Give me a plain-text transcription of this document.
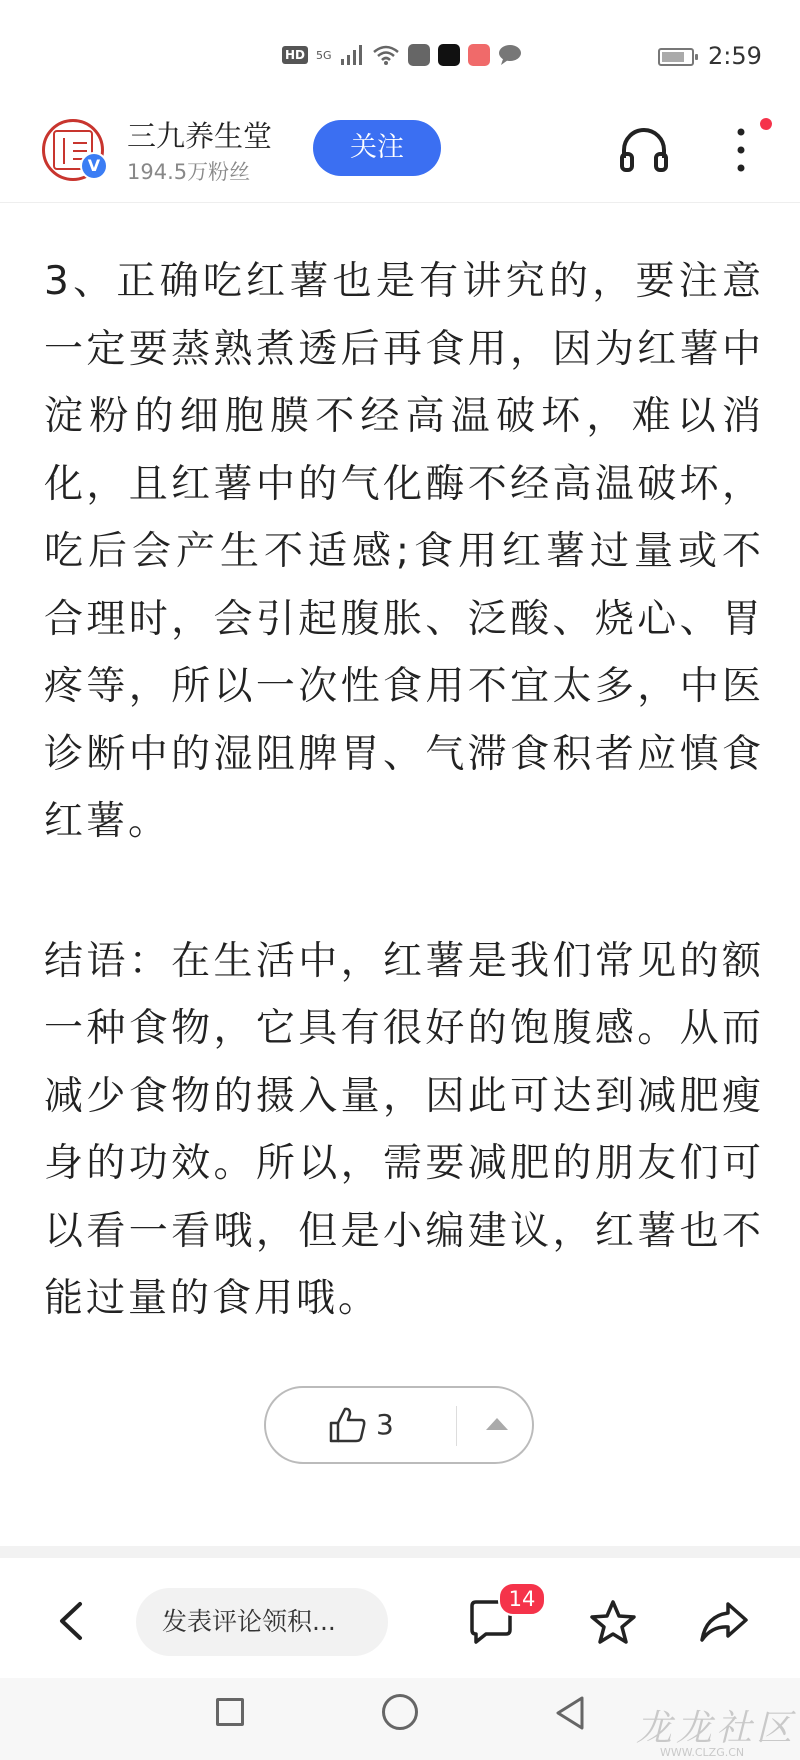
HD 5G	2:59
三九养生堂
194.5万粉丝
关注
V

3、正确吃红薯也是有讲究的，要注意一定要蒸熟煮透后再食用，因为红薯中淀粉的细胞膜不经高温破坏，难以消化，且红薯中的气化酶不经高温破坏，吃后会产生不适感;食用红薯过量或不合理时，会引起腹胀、泛酸、烧心、胃疼等，所以一次性食用不宜太多，中医诊断中的湿阻脾胃、气滞食积者应慎食红薯。

结语：在生活中，红薯是我们常见的额一种食物，它具有很好的饱腹感。从而减少食物的摄入量，因此可达到减肥瘦身的功效。所以，需要减肥的朋友们可以看一看哦，但是小编建议，红薯也不能过量的食用哦。

3
发表评论领积...
14
龙龙社区
WWW.CLZG.CN
